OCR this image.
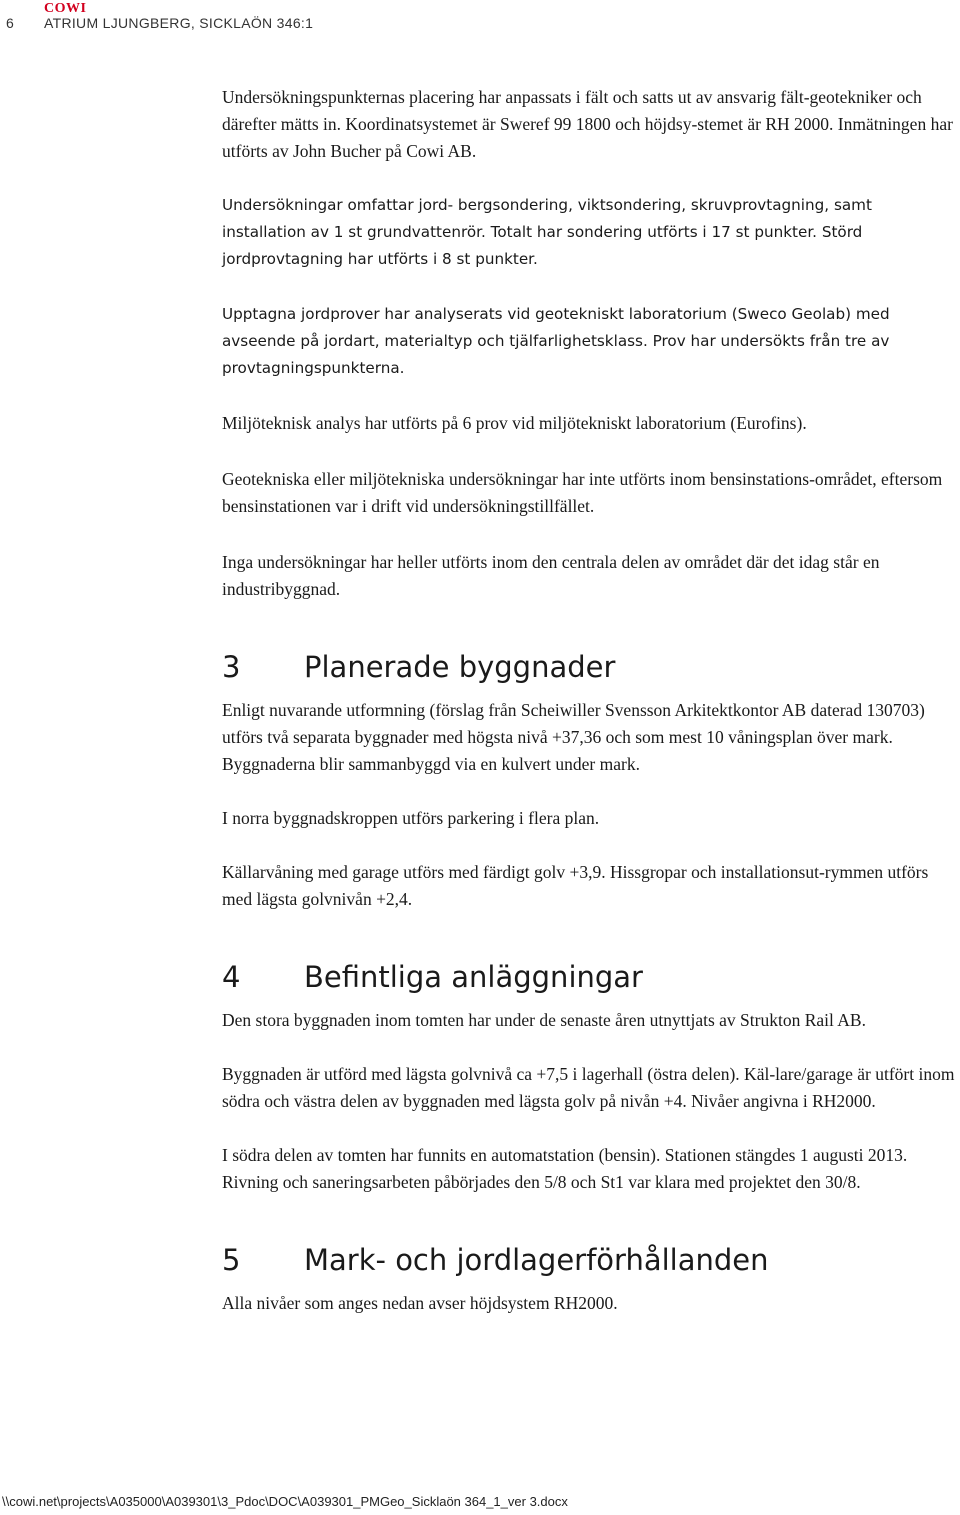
6
COWI
ATRIUM LJUNGBERG, SICKLAÖN 346:1

Undersökningspunkternas placering har anpassats i fält och satts ut av ansvarig fält-geotekniker och därefter mätts in. Koordinatsystemet är Sweref 99 1800 och höjdsy-stemet är RH 2000. Inmätningen har utförts av John Bucher på Cowi AB.

Undersökningar omfattar jord- bergsondering, viktsondering, skruvprovtagning, samt installation av 1 st grundvattenrör. Totalt har sondering utförts i 17 st punkter. Störd jordprovtagning har utförts i 8 st punkter.

Upptagna jordprover har analyserats vid geotekniskt laboratorium (Sweco Geolab) med avseende på jordart, materialtyp och tjälfarlighetsklass. Prov har undersökts från tre av provtagningspunkterna.

Miljöteknisk analys har utförts på 6 prov vid miljötekniskt laboratorium (Eurofins).

Geotekniska eller miljötekniska undersökningar har inte utförts inom bensinstations-området, eftersom bensinstationen var i drift vid undersökningstillfället.

Inga undersökningar har heller utförts inom den centrala delen av området där det idag står en industribyggnad.

3	Planerade byggnader

Enligt nuvarande utformning (förslag från Scheiwiller Svensson Arkitektkontor AB daterad 130703) utförs två separata byggnader med högsta nivå +37,36 och som mest 10 våningsplan över mark. Byggnaderna blir sammanbyggd via en kulvert under mark.

I norra byggnadskroppen utförs parkering i flera plan.

Källarvåning med garage utförs med färdigt golv +3,9. Hissgropar och installationsut-rymmen utförs med lägsta golvnivån +2,4.

4	Befintliga anläggningar

Den stora byggnaden inom tomten har under de senaste åren utnyttjats av Strukton Rail AB.

Byggnaden är utförd med lägsta golvnivå ca +7,5 i lagerhall (östra delen). Käl-lare/garage är utfört inom södra och västra delen av byggnaden med lägsta golv på nivån +4. Nivåer angivna i RH2000.

I södra delen av tomten har funnits en automatstation (bensin). Stationen stängdes 1 augusti 2013. Rivning och saneringsarbeten påbörjades den 5/8 och St1 var klara med projektet den 30/8.

5	Mark- och jordlagerförhållanden

Alla nivåer som anges nedan avser höjdsystem RH2000.

\\cowi.net\projects\A035000\A039301\3_Pdoc\DOC\A039301_PMGeo_Sicklaön 364_1_ver 3.docx
